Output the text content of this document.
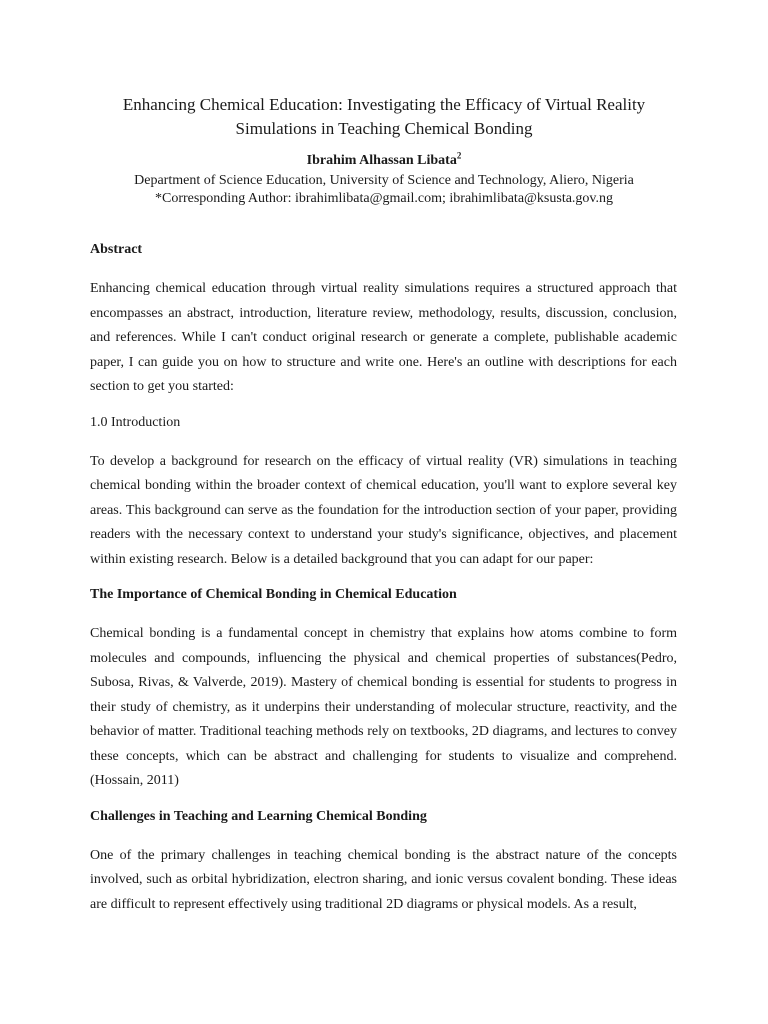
Enhancing Chemical Education: Investigating the Efficacy of Virtual Reality
Simulations in Teaching Chemical Bonding
Ibrahim Alhassan Libata$^2$
Department of Science Education, University of Science and Technology, Aliero, Nigeria
*Corresponding Author: ibrahimlibata@gmail.com; ibrahimlibata@ksusta.gov.ng
Abstract

Enhancing chemical education through virtual reality simulations requires a structured approach that encompasses an abstract, introduction, literature review, methodology, results, discussion, conclusion, and references. While I can't conduct original research or generate a complete, publishable academic paper, I can guide you on how to structure and write one. Here's an outline with descriptions for each section to get you started:

1.0 Introduction

To develop a background for research on the efficacy of virtual reality (VR) simulations in teaching chemical bonding within the broader context of chemical education, you'll want to explore several key areas. This background can serve as the foundation for the introduction section of your paper, providing readers with the necessary context to understand your study's significance, objectives, and placement within existing research. Below is a detailed background that you can adapt for our paper:

The Importance of Chemical Bonding in Chemical Education

Chemical bonding is a fundamental concept in chemistry that explains how atoms combine to form molecules and compounds, influencing the physical and chemical properties of substances(Pedro, Subosa, Rivas, & Valverde, 2019). Mastery of chemical bonding is essential for students to progress in their study of chemistry, as it underpins their understanding of molecular structure, reactivity, and the behavior of matter. Traditional teaching methods rely on textbooks, 2D diagrams, and lectures to convey these concepts, which can be abstract and challenging for students to visualize and comprehend.(Hossain, 2011)

Challenges in Teaching and Learning Chemical Bonding

One of the primary challenges in teaching chemical bonding is the abstract nature of the concepts involved, such as orbital hybridization, electron sharing, and ionic versus covalent bonding. These ideas are difficult to represent effectively using traditional 2D diagrams or physical models. As a result,
